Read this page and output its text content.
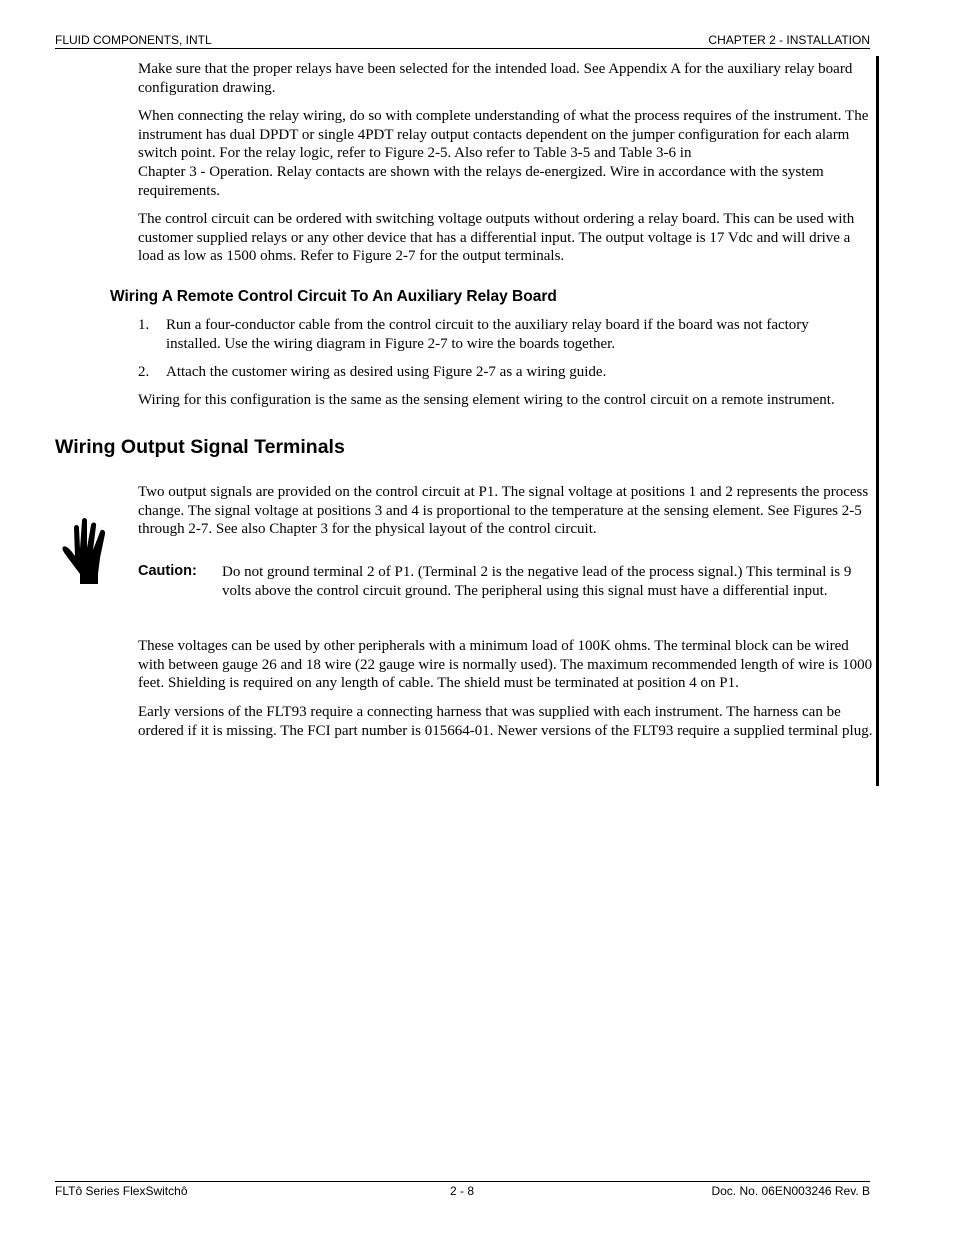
FLUID COMPONENTS, INTL	CHAPTER 2 - INSTALLATION

Make sure that the proper relays have been selected for the intended load. See Appendix A for the auxiliary relay board configuration drawing.

When connecting the relay wiring, do so with complete understanding of what the process requires of the instrument. The instrument has dual DPDT or single 4PDT relay output contacts dependent on the jumper configuration for each alarm switch point. For the relay logic, refer to Figure 2-5. Also refer to Table 3-5 and Table 3-6 in

Chapter 3 - Operation. Relay contacts are shown with the relays de-energized. Wire in accordance with the system requirements.

The control circuit can be ordered with switching voltage outputs without ordering a relay board. This can be used with customer supplied relays or any other device that has a differential input. The output voltage is 17 Vdc and will drive a load as low as 1500 ohms. Refer to Figure 2-7 for the output terminals.

Wiring A Remote Control Circuit To An Auxiliary Relay Board
1. Run a four-conductor cable from the control circuit to the auxiliary relay board if the board was not factory installed. Use the wiring diagram in Figure 2-7 to wire the boards together.
2. Attach the customer wiring as desired using Figure 2-7 as a wiring guide.

Wiring for this configuration is the same as the sensing element wiring to the control circuit on a remote instrument.

Wiring Output Signal Terminals

Two output signals are provided on the control circuit at P1. The signal voltage at positions 1 and 2 represents the process change. The signal voltage at positions 3 and 4 is proportional to the temperature at the sensing element. See Figures 2-5 through 2-7. See also Chapter 3 for the physical layout of the control circuit.

Caution: Do not ground terminal 2 of P1. (Terminal 2 is the negative lead of the process signal.) This terminal is 9 volts above the control circuit ground. The peripheral using this signal must have a differential input.

These voltages can be used by other peripherals with a minimum load of 100K ohms. The terminal block can be wired with between gauge 26 and 18 wire (22 gauge wire is normally used). The maximum recommended length of wire is 1000 feet. Shielding is required on any length of cable. The shield must be terminated at position 4 on P1.

Early versions of the FLT93 require a connecting harness that was supplied with each instrument. The harness can be ordered if it is missing. The FCI part number is 015664-01. Newer versions of the FLT93 require a supplied terminal plug.

FLTô Series FlexSwitchô	2 - 8	Doc. No. 06EN003246 Rev. B
